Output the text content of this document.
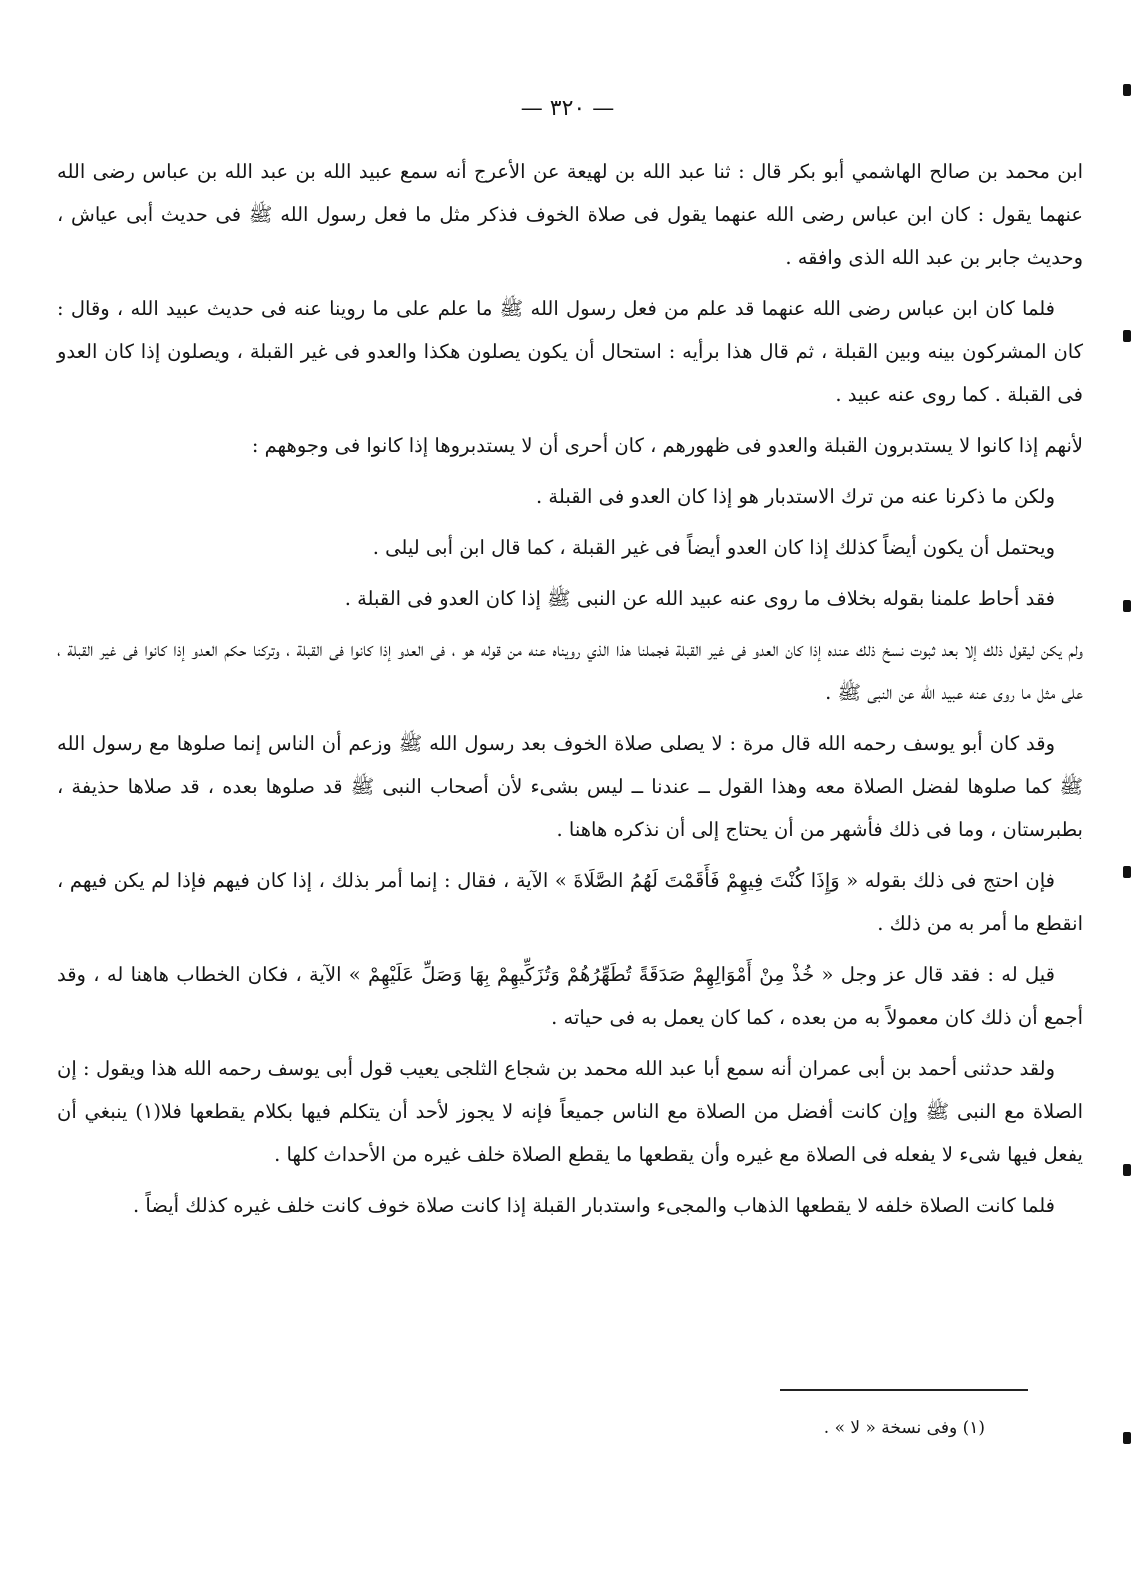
— ٣٢٠ —

ابن محمد بن صالح الهاشمي أبو بكر قال : ثنا عبد الله بن لهيعة عن الأعرج أنه سمع عبيد الله بن عبد الله بن عباس رضى الله عنهما يقول : كان ابن عباس رضى الله عنهما يقول فى صلاة الخوف فذكر مثل ما فعل رسول الله ﷺ فى حديث أبى عياش ، وحديث جابر بن عبد الله الذى وافقه .

فلما كان ابن عباس رضى الله عنهما قد علم من فعل رسول الله ﷺ ما علم على ما روينا عنه فى حديث عبيد الله ، وقال : كان المشركون بينه وبين القبلة ، ثم قال هذا برأيه : استحال أن يكون يصلون هكذا والعدو فى غير القبلة ، ويصلون إذا كان العدو فى القبلة . كما روى عنه عبيد .

لأنهم إذا كانوا لا يستدبرون القبلة والعدو فى ظهورهم ، كان أحرى أن لا يستدبروها إذا كانوا فى وجوههم :

ولكن ما ذكرنا عنه من ترك الاستدبار هو إذا كان العدو فى القبلة .

ويحتمل أن يكون أيضاً كذلك إذا كان العدو أيضاً فى غير القبلة ، كما قال ابن أبى ليلى .

فقد أحاط علمنا بقوله بخلاف ما روى عنه عبيد الله عن النبى ﷺ إذا كان العدو فى القبلة .

ولم يكن ليقول ذلك إلا بعد ثبوت نسخ ذلك عنده إذا كان العدو فى غير القبلة فجملنا هذا الذي رويناه عنه من قوله هو ، فى العدو إذا كانوا فى القبلة ، وتركنا حكم العدو إذا كانوا فى غير القبلة ، على مثل ما روى عنه عبيد الله عن النبى ﷺ .

وقد كان أبو يوسف رحمه الله قال مرة : لا يصلى صلاة الخوف بعد رسول الله ﷺ وزعم أن الناس إنما صلوها مع رسول الله ﷺ كما صلوها لفضل الصلاة معه وهذا القول ــ عندنا ــ ليس بشىء لأن أصحاب النبى ﷺ قد صلوها بعده ، قد صلاها حذيفة ، بطبرستان ، وما فى ذلك فأشهر من أن يحتاج إلى أن نذكره هاهنا .

فإن احتج فى ذلك بقوله « وَإِذَا كُنْتَ فِيهِمْ فَأَقَمْتَ لَهُمُ الصَّلَاةَ » الآية ، فقال : إنما أمر بذلك ، إذا كان فيهم فإذا لم يكن فيهم ، انقطع ما أمر به من ذلك .

قيل له : فقد قال عز وجل « خُذْ مِنْ أَمْوَالِهِمْ صَدَقَةً تُطَهِّرُهُمْ وَتُزَكِّيهِمْ بِهَا وَصَلِّ عَلَيْهِمْ » الآية ، فكان الخطاب هاهنا له ، وقد أجمع أن ذلك كان معمولاً به من بعده ، كما كان يعمل به فى حياته .

ولقد حدثنى أحمد بن أبى عمران أنه سمع أبا عبد الله محمد بن شجاع الثلجى يعيب قول أبى يوسف رحمه الله هذا ويقول : إن الصلاة مع النبى ﷺ وإن كانت أفضل من الصلاة مع الناس جميعاً فإنه لا يجوز لأحد أن يتكلم فيها بكلام يقطعها فلا(١) ينبغي أن يفعل فيها شىء لا يفعله فى الصلاة مع غيره وأن يقطعها ما يقطع الصلاة خلف غيره من الأحداث كلها .

فلما كانت الصلاة خلفه لا يقطعها الذهاب والمجىء واستدبار القبلة إذا كانت صلاة خوف كانت خلف غيره كذلك أيضاً .

(١) وفى نسخة « لا » .
